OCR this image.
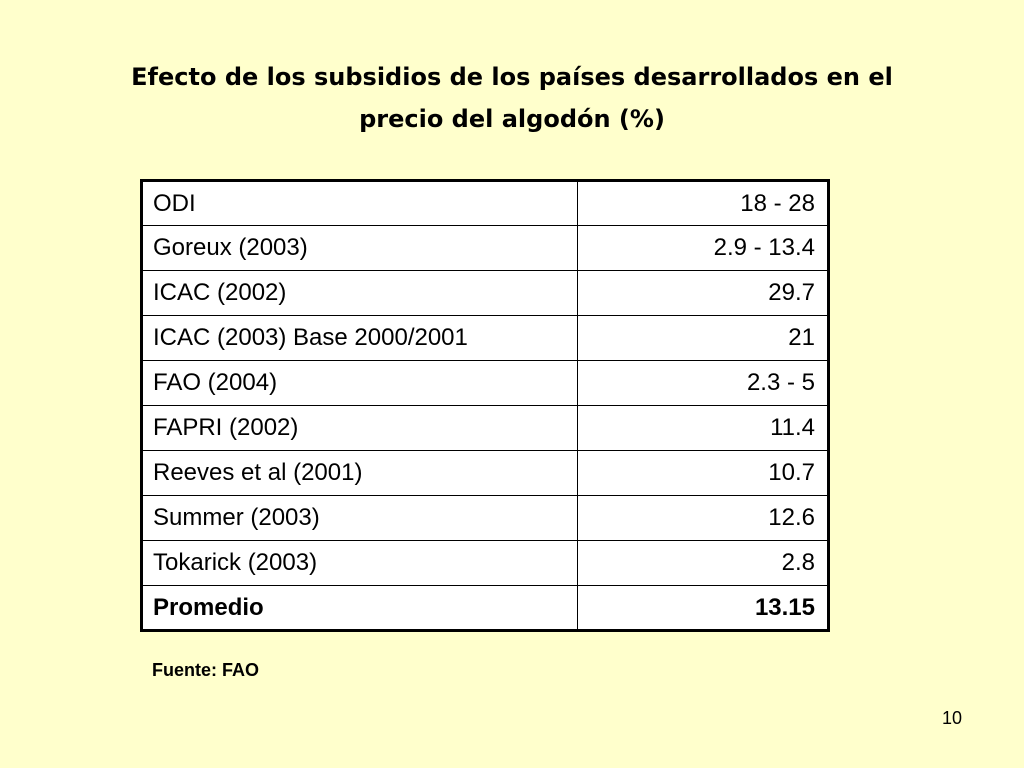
Efecto de los subsidios de los países desarrollados en el
precio del algodón (%)
ODI	18 - 28
Goreux (2003)	2.9 - 13.4
ICAC (2002)	29.7
ICAC (2003) Base 2000/2001	21
FAO (2004)	2.3 - 5
FAPRI (2002)	11.4
Reeves et al (2001)	10.7
Summer (2003)	12.6
Tokarick (2003)	2.8
Promedio	13.15
Fuente: FAO
10
